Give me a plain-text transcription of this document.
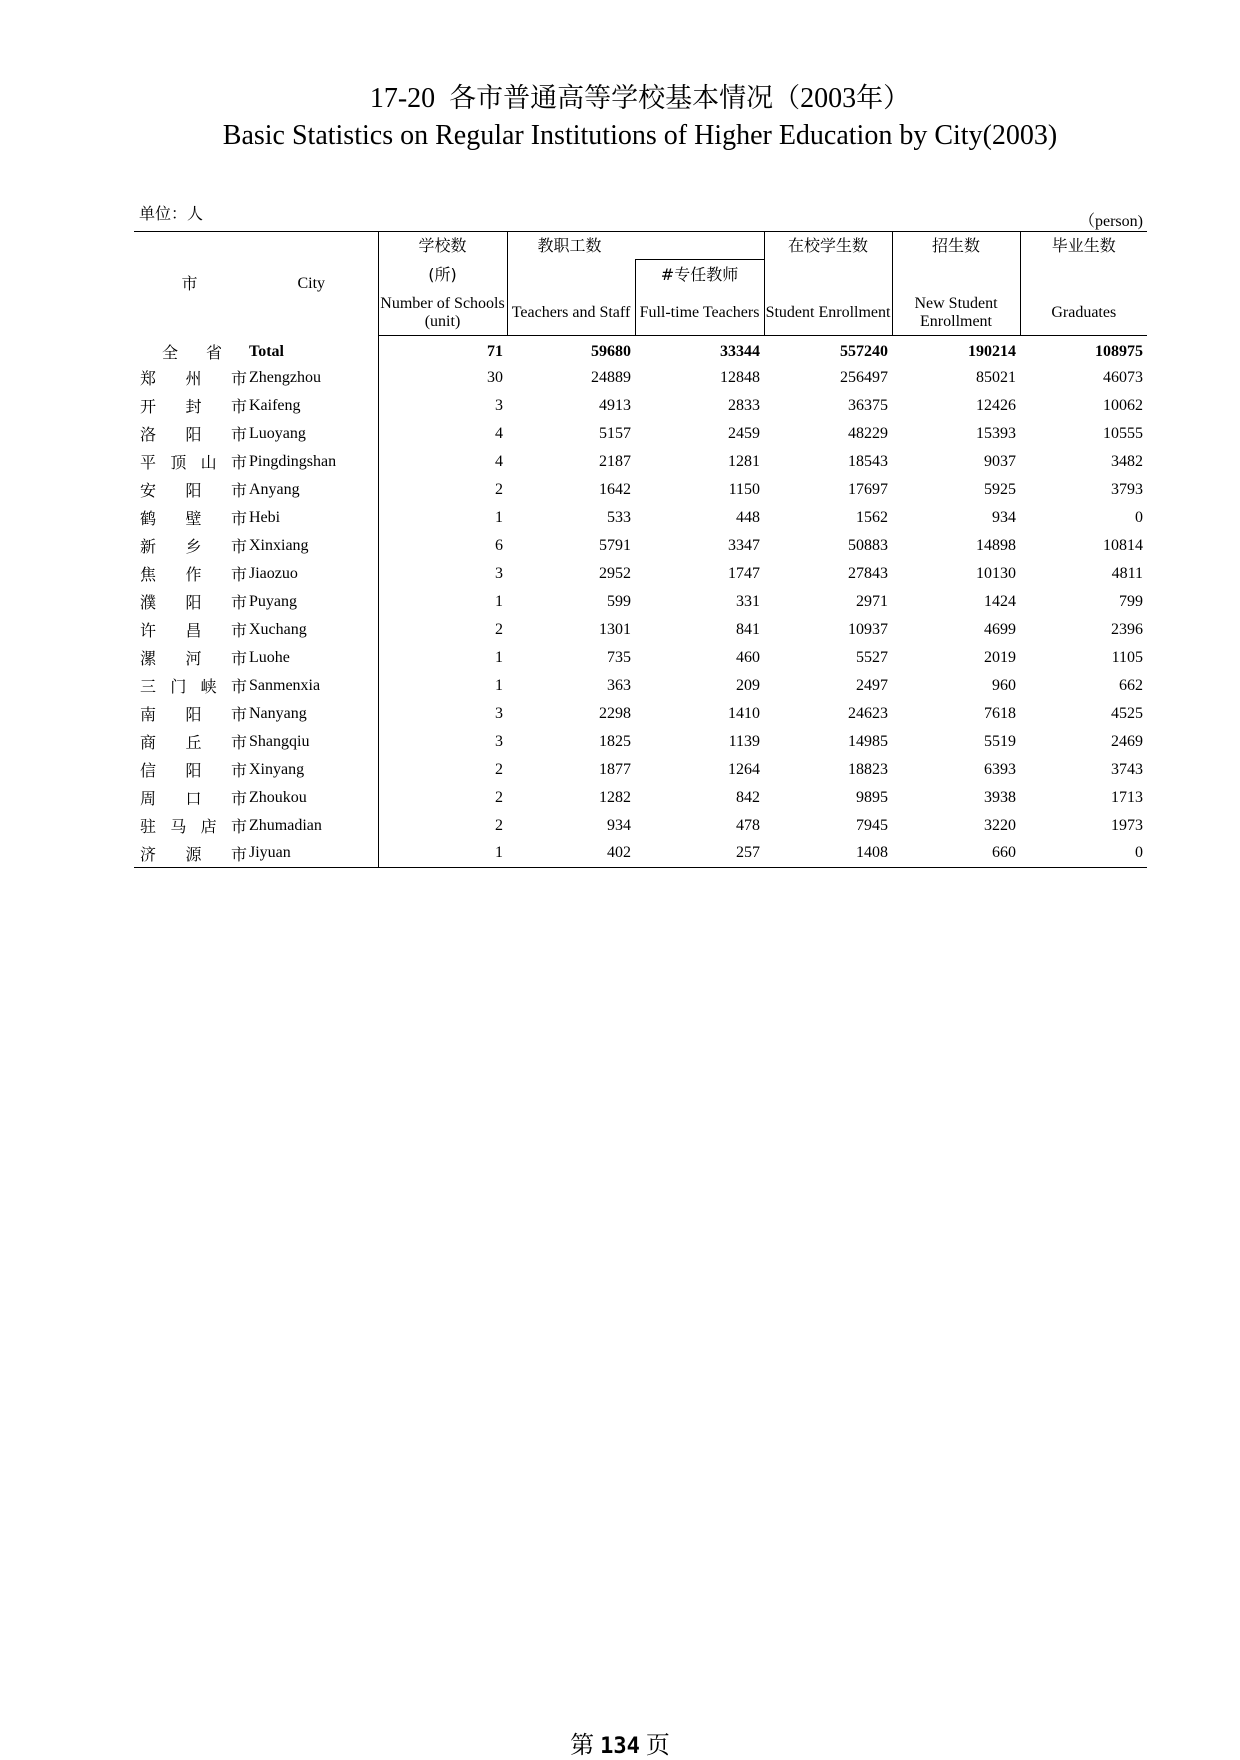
17-20 各市普通高等学校基本情况（2003年）
Basic Statistics on Regular Institutions of Higher Education by City(2003)
单位：人	（person)
市	City	学校数	教职工数		在校学生数	招生数	毕业生数
		(所)		#专任教师			
		Number of Schools (unit)	Teachers and Staff	Full-time Teachers	Student Enrollment	New Student Enrollment	Graduates

全 省	Total	71	59680	33344	557240	190214	108975

郑 州 市	Zhengzhou	30	24889	12848	256497	85021	46073

开 封 市	Kaifeng	3	4913	2833	36375	12426	10062

洛 阳 市	Luoyang	4	5157	2459	48229	15393	10555

平 顶 山 市	Pingdingshan	4	2187	1281	18543	9037	3482

安 阳 市	Anyang	2	1642	1150	17697	5925	3793

鹤 壁 市	Hebi	1	533	448	1562	934	0

新 乡 市	Xinxiang	6	5791	3347	50883	14898	10814

焦 作 市	Jiaozuo	3	2952	1747	27843	10130	4811

濮 阳 市	Puyang	1	599	331	2971	1424	799

许 昌 市	Xuchang	2	1301	841	10937	4699	2396

漯 河 市	Luohe	1	735	460	5527	2019	1105

三 门 峡 市	Sanmenxia	1	363	209	2497	960	662

南 阳 市	Nanyang	3	2298	1410	24623	7618	4525

商 丘 市	Shangqiu	3	1825	1139	14985	5519	2469

信 阳 市	Xinyang	2	1877	1264	18823	6393	3743

周 口 市	Zhoukou	2	1282	842	9895	3938	1713

驻 马 店 市	Zhumadian	2	934	478	7945	3220	1973

济 源 市	Jiyuan	1	402	257	1408	660	0
第 134 页
